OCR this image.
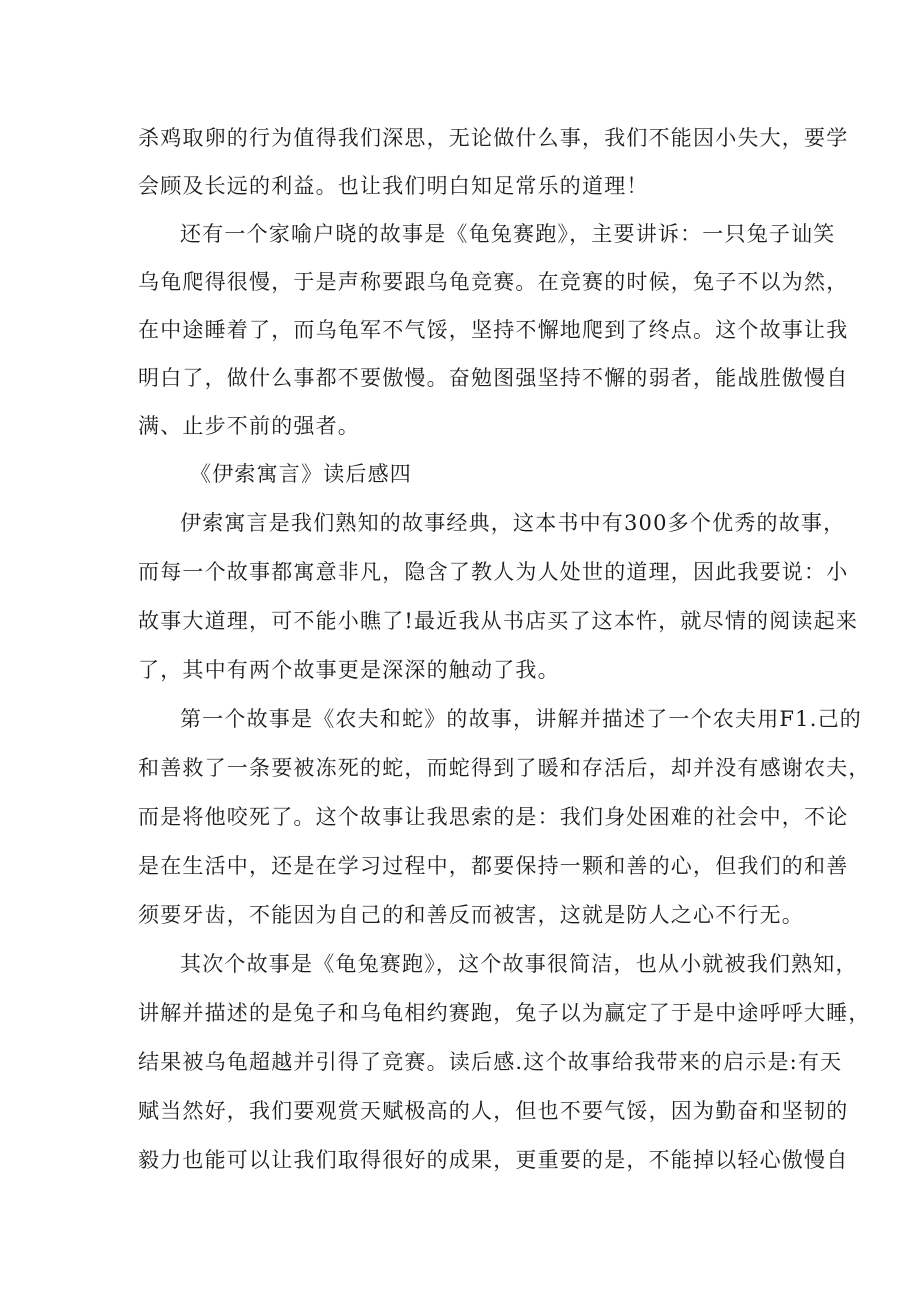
杀鸡取卵的行为值得我们深思，无论做什么事，我们不能因小失大，要学
会顾及长远的利益。也让我们明白知足常乐的道理！
还有一个家喻户晓的故事是《龟兔赛跑》，主要讲诉：一只兔子讪笑
乌龟爬得很慢，于是声称要跟乌龟竞赛。在竞赛的时候，兔子不以为然，
在中途睡着了，而乌龟军不气馁，坚持不懈地爬到了终点。这个故事让我
明白了，做什么事都不要傲慢。奋勉图强坚持不懈的弱者，能战胜傲慢自
满、止步不前的强者。
《伊索寓言》读后感四
伊索寓言是我们熟知的故事经典，这本书中有300多个优秀的故事，
而每一个故事都寓意非凡，隐含了教人为人处世的道理，因此我要说：小
故事大道理，可不能小瞧了!最近我从书店买了这本忤，就尽情的阅读起来
了，其中有两个故事更是深深的触动了我。
第一个故事是《农夫和蛇》的故事，讲解并描述了一个农夫用F1.己的
和善救了一条要被冻死的蛇，而蛇得到了暖和存活后，却并没有感谢农夫，
而是将他咬死了。这个故事让我思索的是：我们身处困难的社会中，不论
是在生活中，还是在学习过程中，都要保持一颗和善的心，但我们的和善
须要牙齿，不能因为自己的和善反而被害，这就是防人之心不行无。
其次个故事是《龟兔赛跑》，这个故事很简洁，也从小就被我们熟知，
讲解并描述的是兔子和乌龟相约赛跑，兔子以为赢定了于是中途呼呼大睡，
结果被乌龟超越并引得了竞赛。读后感.这个故事给我带来的启示是:有天
赋当然好，我们要观赏天赋极高的人，但也不要气馁，因为勤奋和坚韧的
毅力也能可以让我们取得很好的成果，更重要的是，不能掉以轻心傲慢自
